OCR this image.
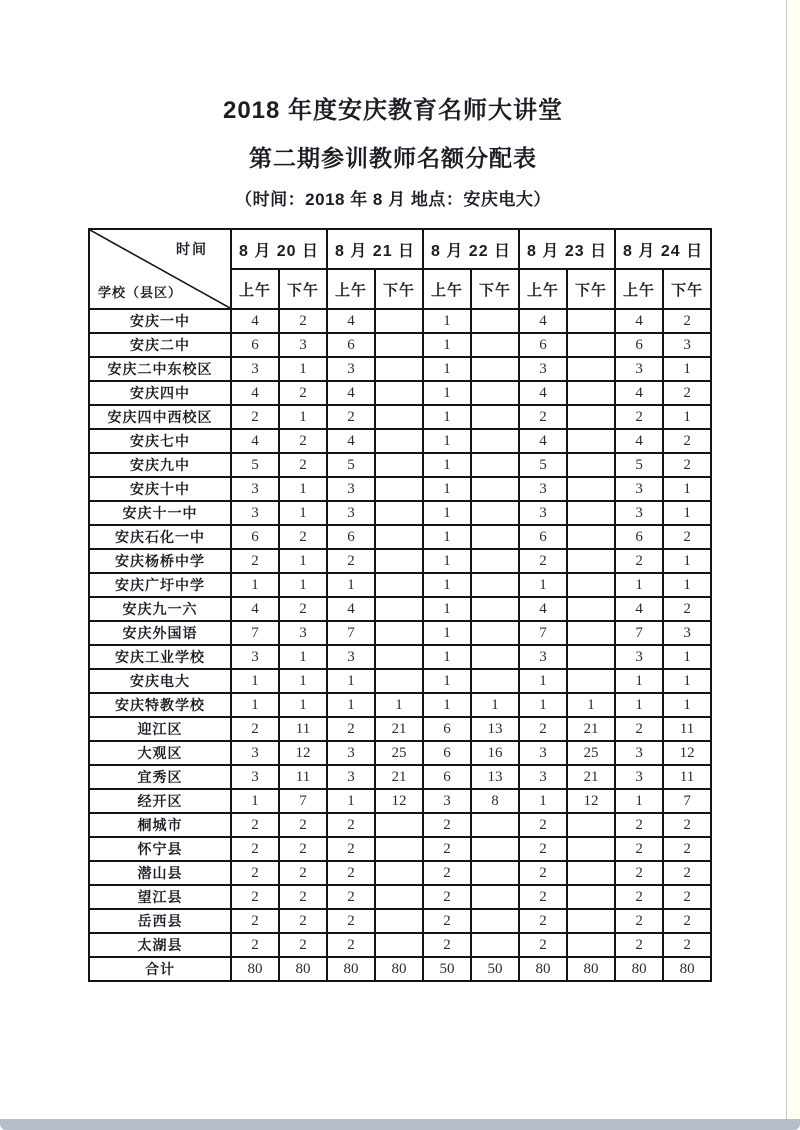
2018 年度安庆教育名师大讲堂
第二期参训教师名额分配表
（时间：2018 年 8 月 地点：安庆电大）
时间
学校（县区）	8 月 20 日		8 月 21 日		8 月 22 日		8 月 23 日		8 月 24 日	
	上午	下午	上午	下午	上午	下午	上午	下午	上午	下午
安庆一中	4	2	4		1		4		4	2
安庆二中	6	3	6		1		6		6	3
安庆二中东校区	3	1	3		1		3		3	1
安庆四中	4	2	4		1		4		4	2
安庆四中西校区	2	1	2		1		2		2	1
安庆七中	4	2	4		1		4		4	2
安庆九中	5	2	5		1		5		5	2
安庆十中	3	1	3		1		3		3	1
安庆十一中	3	1	3		1		3		3	1
安庆石化一中	6	2	6		1		6		6	2
安庆杨桥中学	2	1	2		1		2		2	1
安庆广圩中学	1	1	1		1		1		1	1
安庆九一六	4	2	4		1		4		4	2
安庆外国语	7	3	7		1		7		7	3
安庆工业学校	3	1	3		1		3		3	1
安庆电大	1	1	1		1		1		1	1
安庆特教学校	1	1	1	1	1	1	1	1	1	1
迎江区	2	11	2	21	6	13	2	21	2	11
大观区	3	12	3	25	6	16	3	25	3	12
宜秀区	3	11	3	21	6	13	3	21	3	11
经开区	1	7	1	12	3	8	1	12	1	7
桐城市	2	2	2		2		2		2	2
怀宁县	2	2	2		2		2		2	2
潜山县	2	2	2		2		2		2	2
望江县	2	2	2		2		2		2	2
岳西县	2	2	2		2		2		2	2
太湖县	2	2	2		2		2		2	2
合计	80	80	80	80	50	50	80	80	80	80
